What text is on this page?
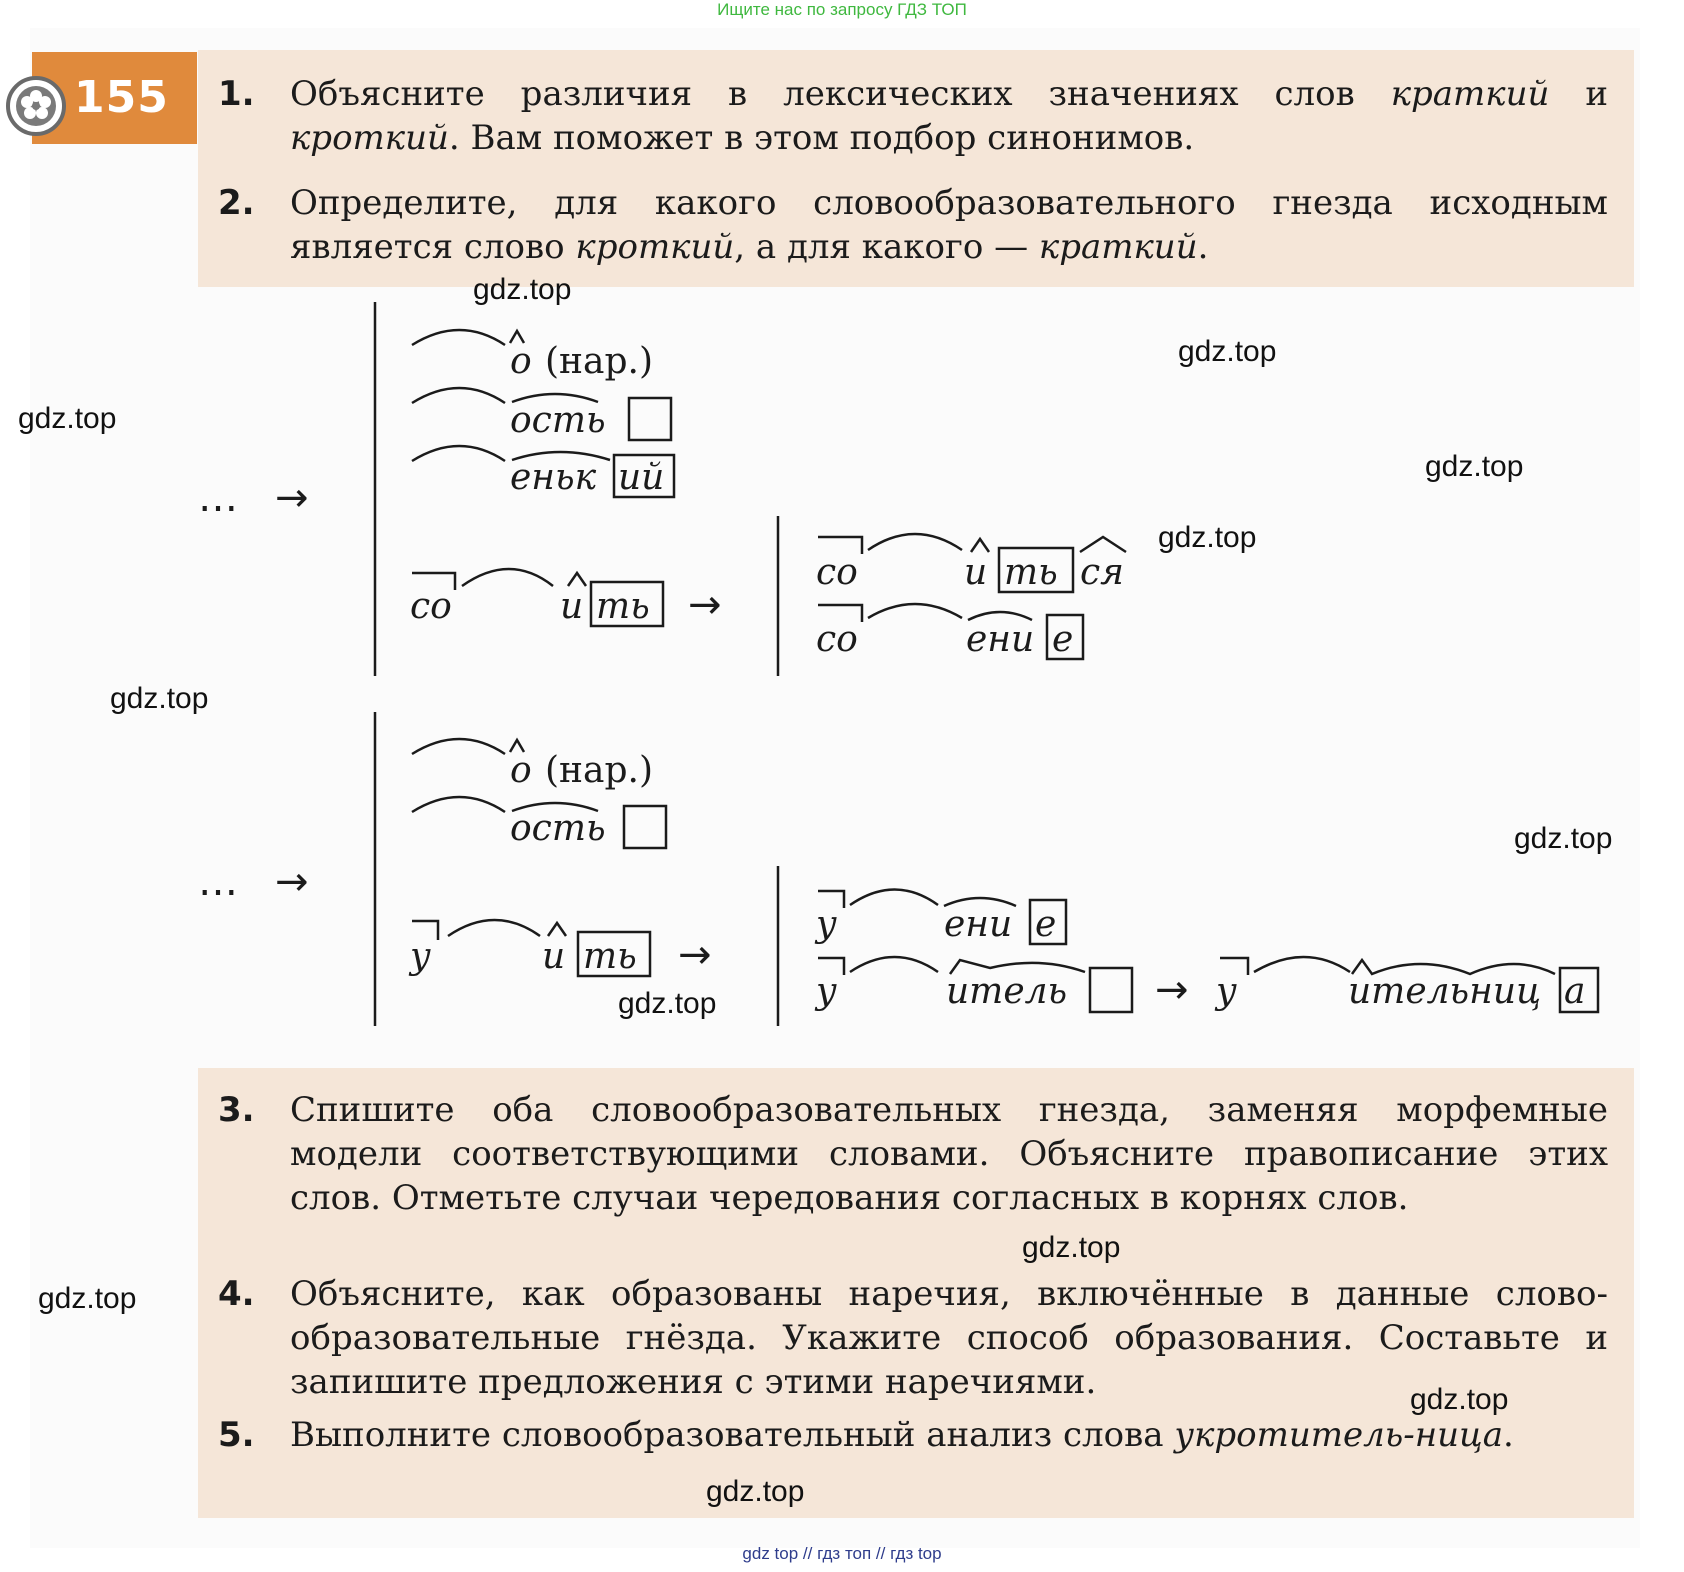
Ищите нас по запросу ГДЗ ТОП
155 1. Объясните различия в лексических значениях слов краткий и кроткий. Вам поможет в этом подбор синонимов.
2. Определите, для какого словообразовательного гнезда исходным является слово кроткий, а для какого — краткий.
3. Спишите оба словообразовательных гнезда, заменяя морфемные модели соответствующими словами. Объясните правописание этих слов. Отметьте случаи чередования согласных в корнях слов.
4. Объясните, как образованы наречия, включённые в данные слово-образовательные гнёзда. Укажите способ образования. Составьте и запишите предложения с этими наречиями.
5. Выполните словообразовательный анализ слова укротитель-ница.
… →
о (нар.)
ость
еньк ий
со	и ть →
со	и ть ся
со	ени е
… →
о (нар.)
ость
у	и ть →
у	ени е
у	итель → у	ительниц а
gdz.top
gdz.top
gdz.top
gdz.top
gdz.top
gdz.top
gdz.top
gdz.top
gdz.top
gdz.top
gdz.top
gdz.top
gdz top // гдз топ // гдз top
